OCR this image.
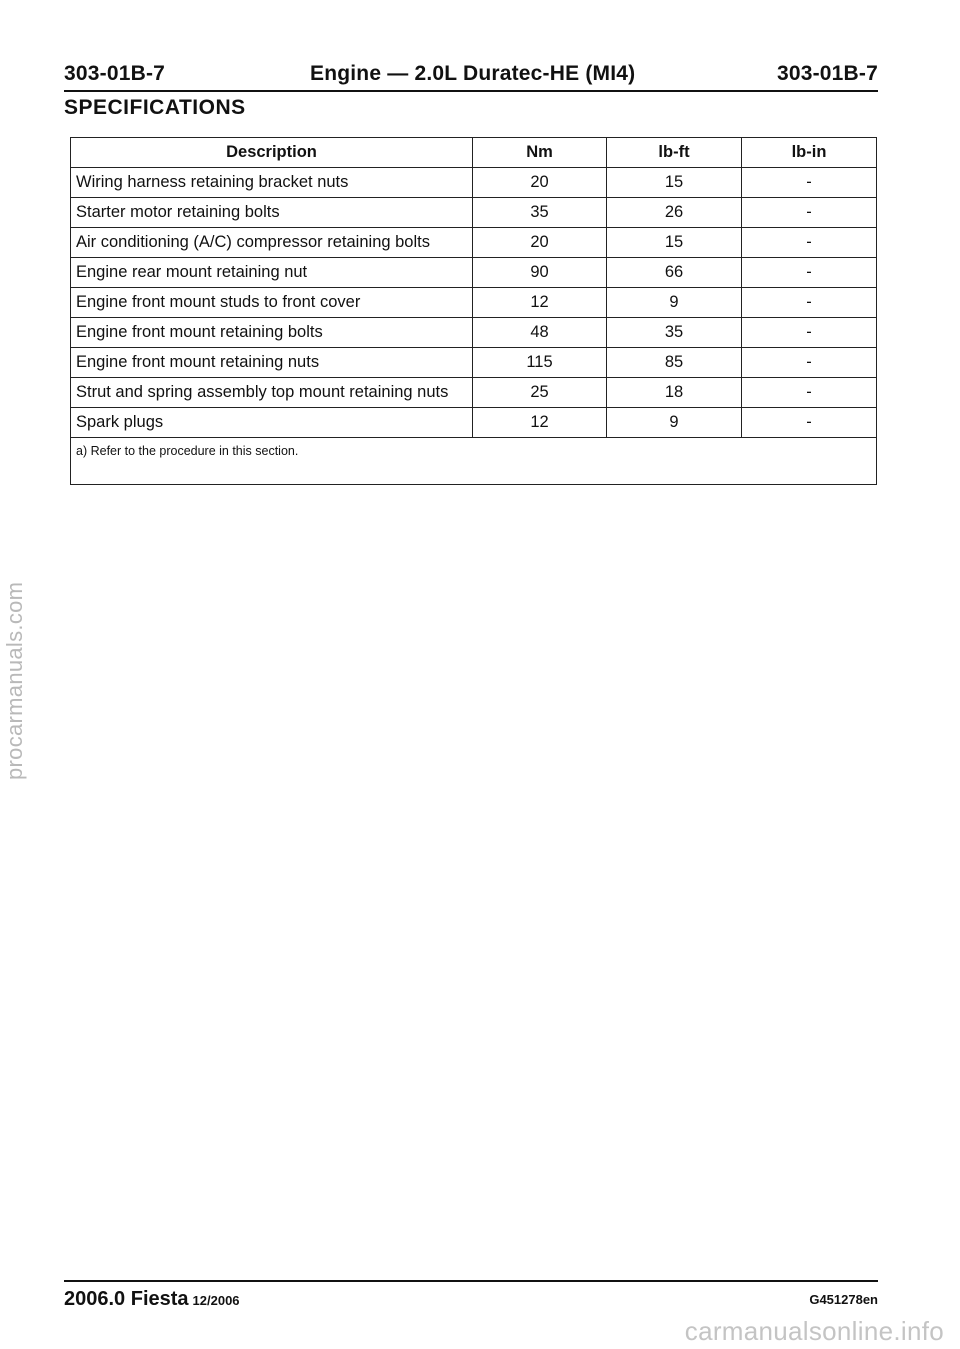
303-01B-7	Engine — 2.0L Duratec-HE (MI4)	303-01B-7
SPECIFICATIONS
Description	Nm	lb-ft	lb-in
Wiring harness retaining bracket nuts	20	15	-
Starter motor retaining bolts	35	26	-
Air conditioning (A/C) compressor retaining bolts	20	15	-
Engine rear mount retaining nut	90	66	-
Engine front mount studs to front cover	12	9	-
Engine front mount retaining bolts	48	35	-
Engine front mount retaining nuts	115	85	-
Strut and spring assembly top mount retaining nuts	25	18	-
Spark plugs	12	9	-
a) Refer to the procedure in this section.			
procarmanuals.com
2006.0 Fiesta 12/2006	G451278en
carmanualsonline.info
